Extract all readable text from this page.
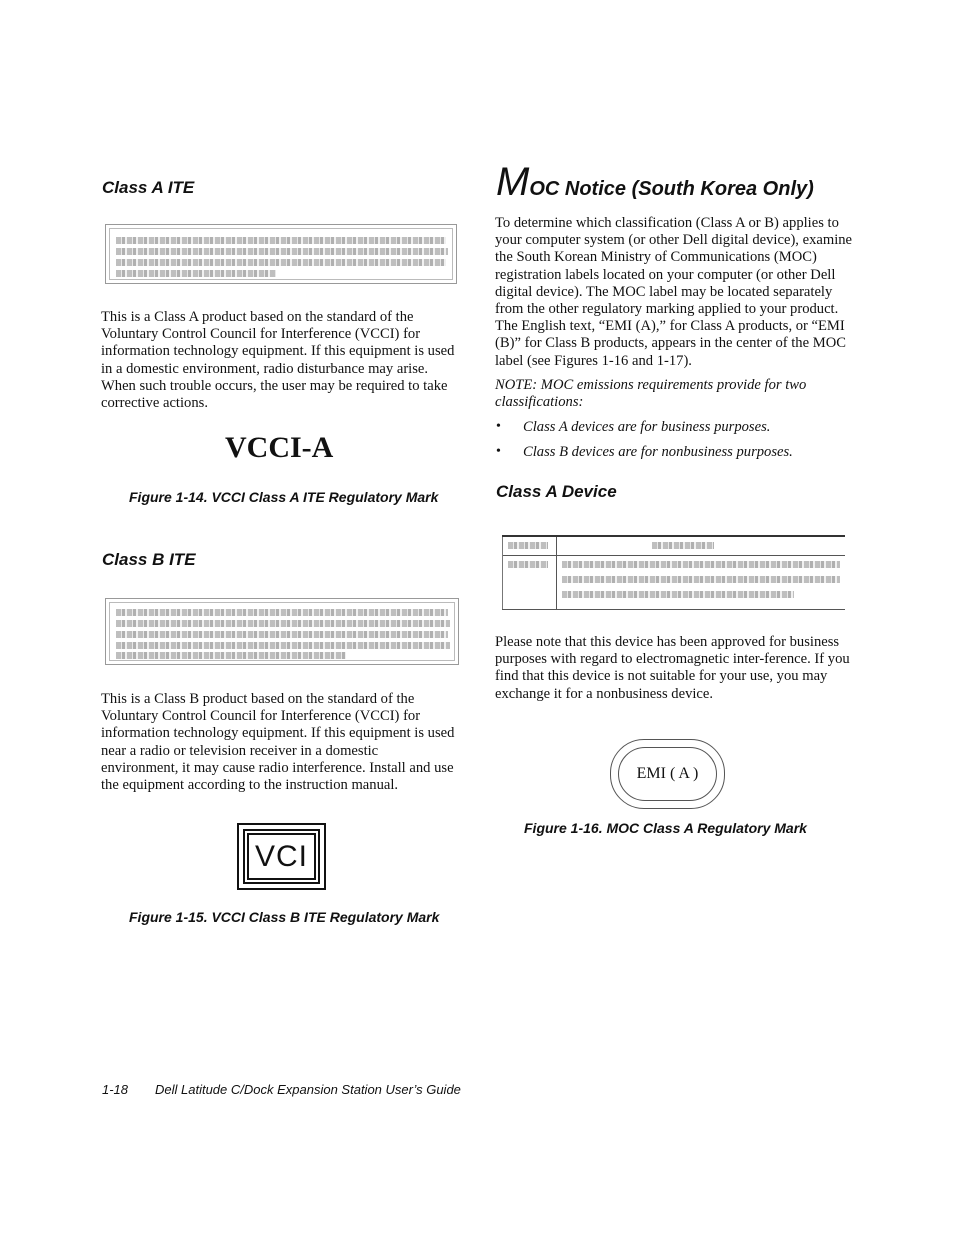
Class A ITE
This is a Class A product based on the standard of the Voluntary Control Council for Interference (VCCI) for information technology equipment. If this equipment is used in a domestic environment, radio disturbance may arise. When such trouble occurs, the user may be required to take corrective actions.
VCCI-A
Figure 1-14. VCCI Class A ITE Regulatory Mark
Class B ITE
This is a Class B product based on the standard of the Voluntary Control Council for Interference (VCCI) for information technology equipment. If this equipment is used near a radio or television receiver in a domestic environment, it may cause radio interference. Install and use the equipment according to the instruction manual.
VCI
Figure 1-15. VCCI Class B ITE Regulatory Mark
MOC Notice (South Korea Only)
To determine which classification (Class A or B) applies to your computer system (or other Dell digital device), examine the South Korean Ministry of Communications (MOC) registration labels located on your computer (or other Dell digital device). The MOC label may be located separately from the other regulatory marking applied to your product. The English text, “EMI (A),” for Class A products, or “EMI (B)” for Class B products, appears in the center of the MOC label (see Figures 1-16 and 1-17).
NOTE: MOC emissions requirements provide for two classifications:
• Class A devices are for business purposes.
• Class B devices are for nonbusiness purposes.
Class A Device
Please note that this device has been approved for business purposes with regard to electromagnetic inter-ference. If you find that this device is not suitable for your use, you may exchange it for a nonbusiness device.
EMI ( A )
Figure 1-16. MOC Class A Regulatory Mark
1-18 Dell Latitude C/Dock Expansion Station User’s Guide
